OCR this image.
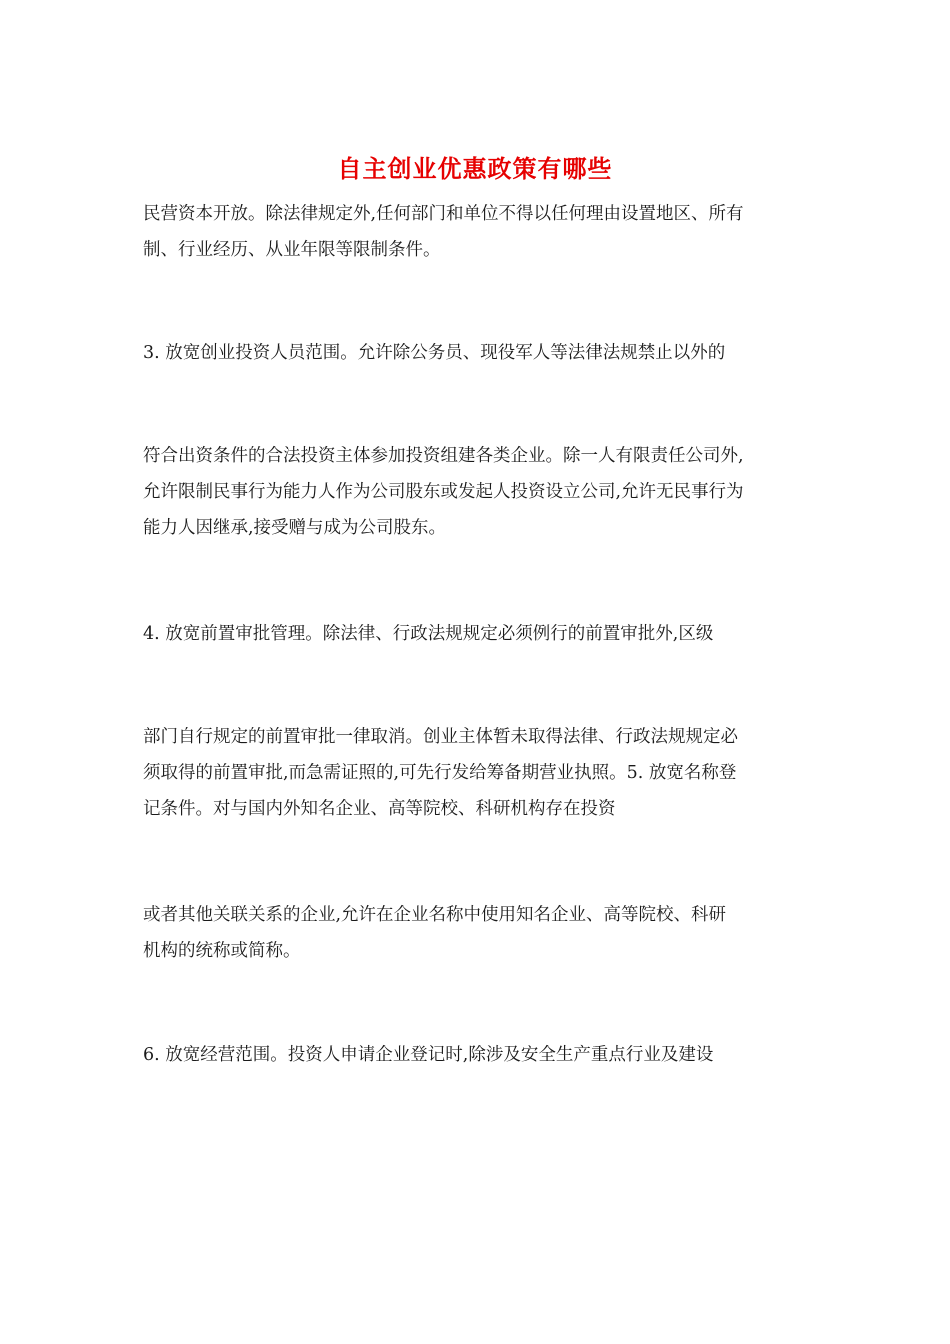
自主创业优惠政策有哪些
民营资本开放。除法律规定外,任何部门和单位不得以任何理由设置地区、所有
制、行业经历、从业年限等限制条件。
3. 放宽创业投资人员范围。允许除公务员、现役军人等法律法规禁止以外的
符合出资条件的合法投资主体参加投资组建各类企业。除一人有限责任公司外,
允许限制民事行为能力人作为公司股东或发起人投资设立公司,允许无民事行为
能力人因继承,接受赠与成为公司股东。
4. 放宽前置审批管理。除法律、行政法规规定必须例行的前置审批外,区级
部门自行规定的前置审批一律取消。创业主体暂未取得法律、行政法规规定必
须取得的前置审批,而急需证照的,可先行发给筹备期营业执照。5. 放宽名称登
记条件。对与国内外知名企业、高等院校、科研机构存在投资
或者其他关联关系的企业,允许在企业名称中使用知名企业、高等院校、科研
机构的统称或简称。
6. 放宽经营范围。投资人申请企业登记时,除涉及安全生产重点行业及建设
